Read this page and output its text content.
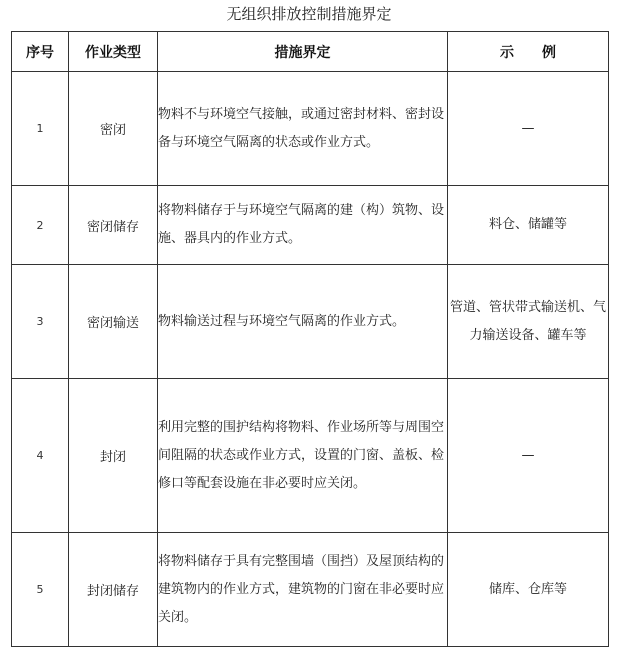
无组织排放控制措施界定
序号	作业类型	措施界定	示　　例
1	密闭	物料不与环境空气接触，或通过密封材料、密封设备与环境空气隔离的状态或作业方式。	—
2	密闭储存	将物料储存于与环境空气隔离的建（构）筑物、设施、器具内的作业方式。	料仓、储罐等
3	密闭输送	物料输送过程与环境空气隔离的作业方式。	管道、管状带式输送机、气力输送设备、罐车等
4	封闭	利用完整的围护结构将物料、作业场所等与周围空间阻隔的状态或作业方式，设置的门窗、盖板、检修口等配套设施在非必要时应关闭。	—
5	封闭储存	将物料储存于具有完整围墙（围挡）及屋顶结构的建筑物内的作业方式，建筑物的门窗在非必要时应关闭。	储库、仓库等
